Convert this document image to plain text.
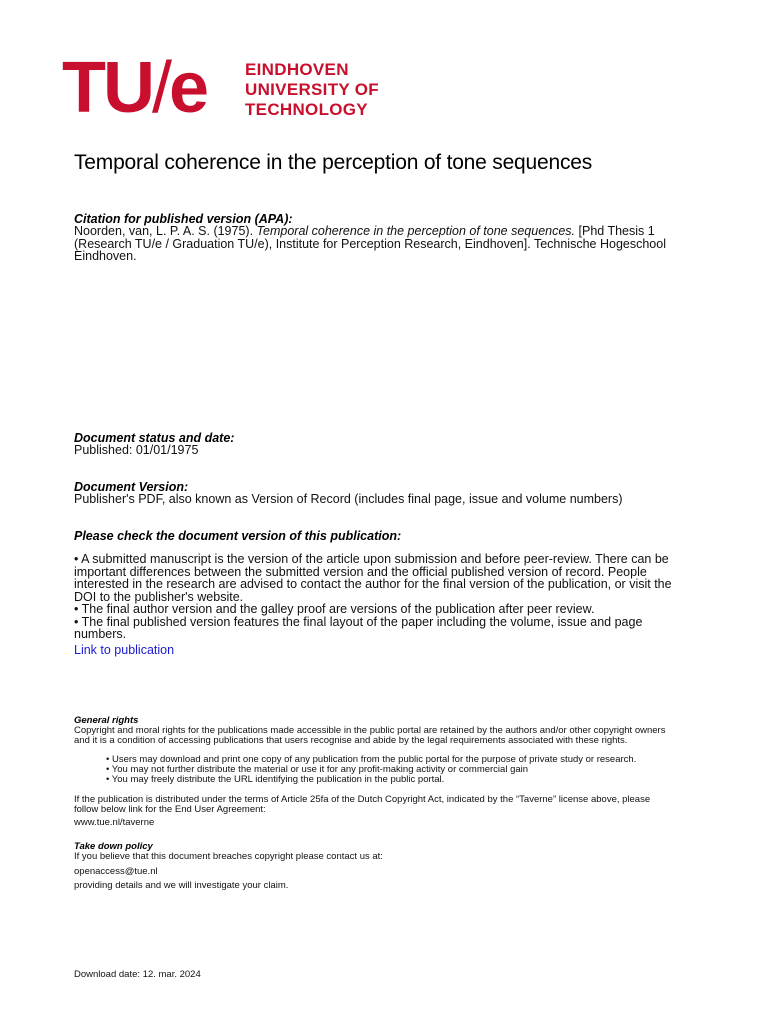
TU/e EINDHOVEN
UNIVERSITY OF
TECHNOLOGY
Temporal coherence in the perception of tone sequences
Citation for published version (APA):
Noorden, van, L. P. A. S. (1975). Temporal coherence in the perception of tone sequences. [Phd Thesis 1
(Research TU/e / Graduation TU/e), Institute for Perception Research, Eindhoven]. Technische Hogeschool
Eindhoven.
Document status and date:
Published: 01/01/1975
Document Version:
Publisher's PDF, also known as Version of Record (includes final page, issue and volume numbers)
Please check the document version of this publication:
• A submitted manuscript is the version of the article upon submission and before peer-review. There can be
important differences between the submitted version and the official published version of record. People
interested in the research are advised to contact the author for the final version of the publication, or visit the
DOI to the publisher's website.
• The final author version and the galley proof are versions of the publication after peer review.
• The final published version features the final layout of the paper including the volume, issue and page
numbers.
Link to publication
General rights
Copyright and moral rights for the publications made accessible in the public portal are retained by the authors and/or other copyright owners
and it is a condition of accessing publications that users recognise and abide by the legal requirements associated with these rights.
• Users may download and print one copy of any publication from the public portal for the purpose of private study or research.
• You may not further distribute the material or use it for any profit-making activity or commercial gain
• You may freely distribute the URL identifying the publication in the public portal.
If the publication is distributed under the terms of Article 25fa of the Dutch Copyright Act, indicated by the “Taverne” license above, please
follow below link for the End User Agreement:
www.tue.nl/taverne
Take down policy
If you believe that this document breaches copyright please contact us at:
openaccess@tue.nl
providing details and we will investigate your claim.
Download date: 12. mar. 2024
